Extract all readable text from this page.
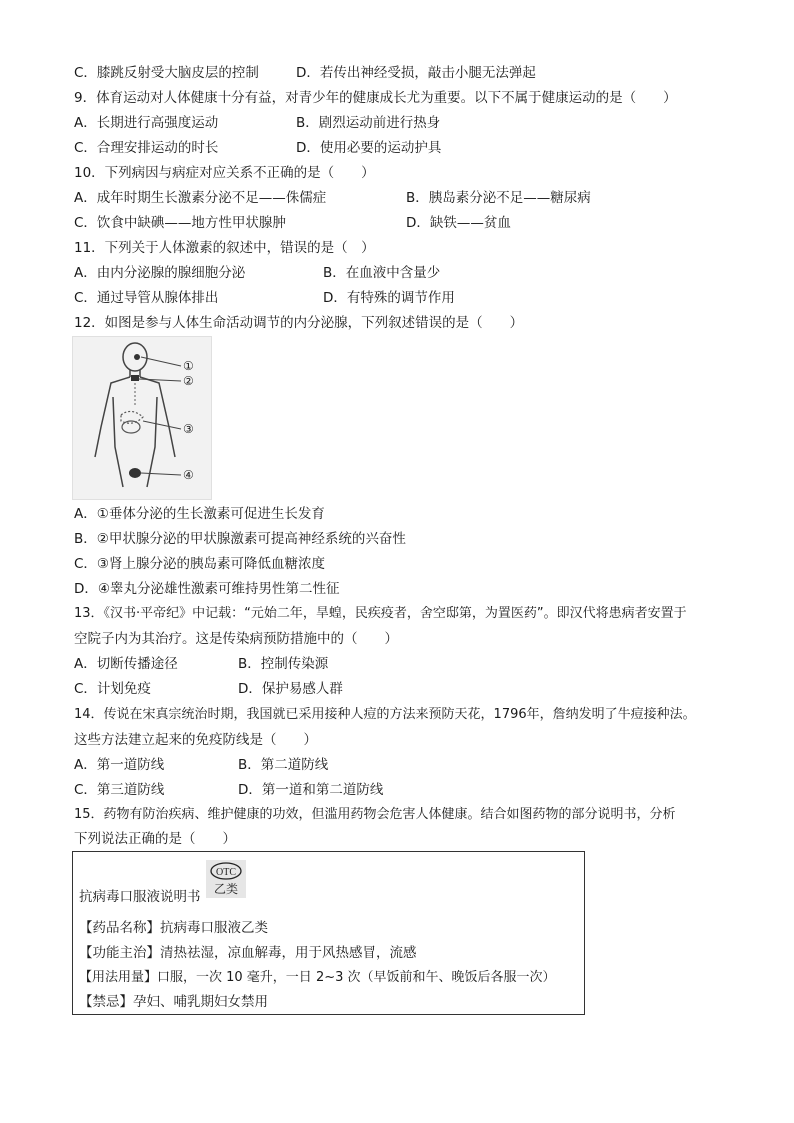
C．膝跳反射受大脑皮层的控制	D．若传出神经受损，敲击小腿无法弹起
9．体育运动对人体健康十分有益，对青少年的健康成长尤为重要。以下不属于健康运动的是（　　）
A．长期进行高强度运动	B．剧烈运动前进行热身
C．合理安排运动的时长	D．使用必要的运动护具
10．下列病因与病症对应关系不正确的是（　　）
A．成年时期生长激素分泌不足——侏儒症	B．胰岛素分泌不足——糖尿病
C．饮食中缺碘——地方性甲状腺肿	D．缺铁——贫血
11．下列关于人体激素的叙述中，错误的是（　）
A．由内分泌腺的腺细胞分泌	B．在血液中含量少
C．通过导管从腺体排出	D．有特殊的调节作用
12．如图是参与人体生命活动调节的内分泌腺，下列叙述错误的是（　　）
①
②
③
④
A．①垂体分泌的生长激素可促进生长发育
B．②甲状腺分泌的甲状腺激素可提高神经系统的兴奋性
C．③肾上腺分泌的胰岛素可降低血糖浓度
D．④睾丸分泌雄性激素可维持男性第二性征
13．《汉书·平帝纪》中记载：“元始二年，旱蝗，民疾疫者，舍空邸第，为置医药”。即汉代将患病者安置于
空院子内为其治疗。这是传染病预防措施中的（　　）
A．切断传播途径	B．控制传染源
C．计划免疫	D．保护易感人群
14．传说在宋真宗统治时期，我国就已采用接种人痘的方法来预防天花，1796年，詹纳发明了牛痘接种法。
这些方法建立起来的免疫防线是（　　）
A．第一道防线	B．第二道防线
C．第三道防线	D．第一道和第二道防线
15．药物有防治疾病、维护健康的功效，但滥用药物会危害人体健康。结合如图药物的部分说明书，分析
下列说法正确的是（　　）
抗病毒口服液说明书
OTC
乙类
【药品名称】抗病毒口服液乙类
【功能主治】清热祛湿，凉血解毒，用于风热感冒，流感
【用法用量】口服，一次 10 毫升，一日 2~3 次（早饭前和午、晚饭后各服一次）
【禁忌】孕妇、哺乳期妇女禁用
